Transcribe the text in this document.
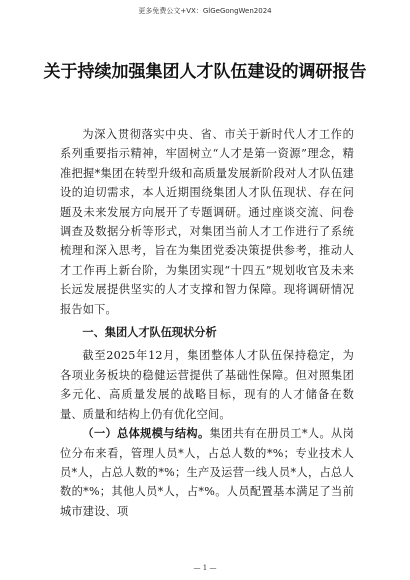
更多免费公文+VX：GlGeGongWen2024
关于持续加强集团人才队伍建设的调研报告

为深入贯彻落实中央、省、市关于新时代人才工作的系列重要指示精神，牢固树立“人才是第一资源”理念，精准把握*集团在转型升级和高质量发展新阶段对人才队伍建设的迫切需求，本人近期围绕集团人才队伍现状、存在问题及未来发展方向展开了专题调研。通过座谈交流、问卷调查及数据分析等形式，对集团当前人才工作进行了系统梳理和深入思考，旨在为集团党委决策提供参考，推动人才工作再上新台阶，为集团实现“十四五”规划收官及未来长远发展提供坚实的人才支撑和智力保障。现将调研情况报告如下。

一、集团人才队伍现状分析

截至2025年12月，集团整体人才队伍保持稳定，为各项业务板块的稳健运营提供了基础性保障。但对照集团多元化、高质量发展的战略目标，现有的人才储备在数量、质量和结构上仍有优化空间。

（一）总体规模与结构。集团共有在册员工*人。从岗位分布来看，管理人员*人，占总人数的*%；专业技术人员*人，占总人数的*%；生产及运营一线人员*人，占总人数的*%；其他人员*人，占*%。人员配置基本满足了当前城市建设、项

— 1 —
